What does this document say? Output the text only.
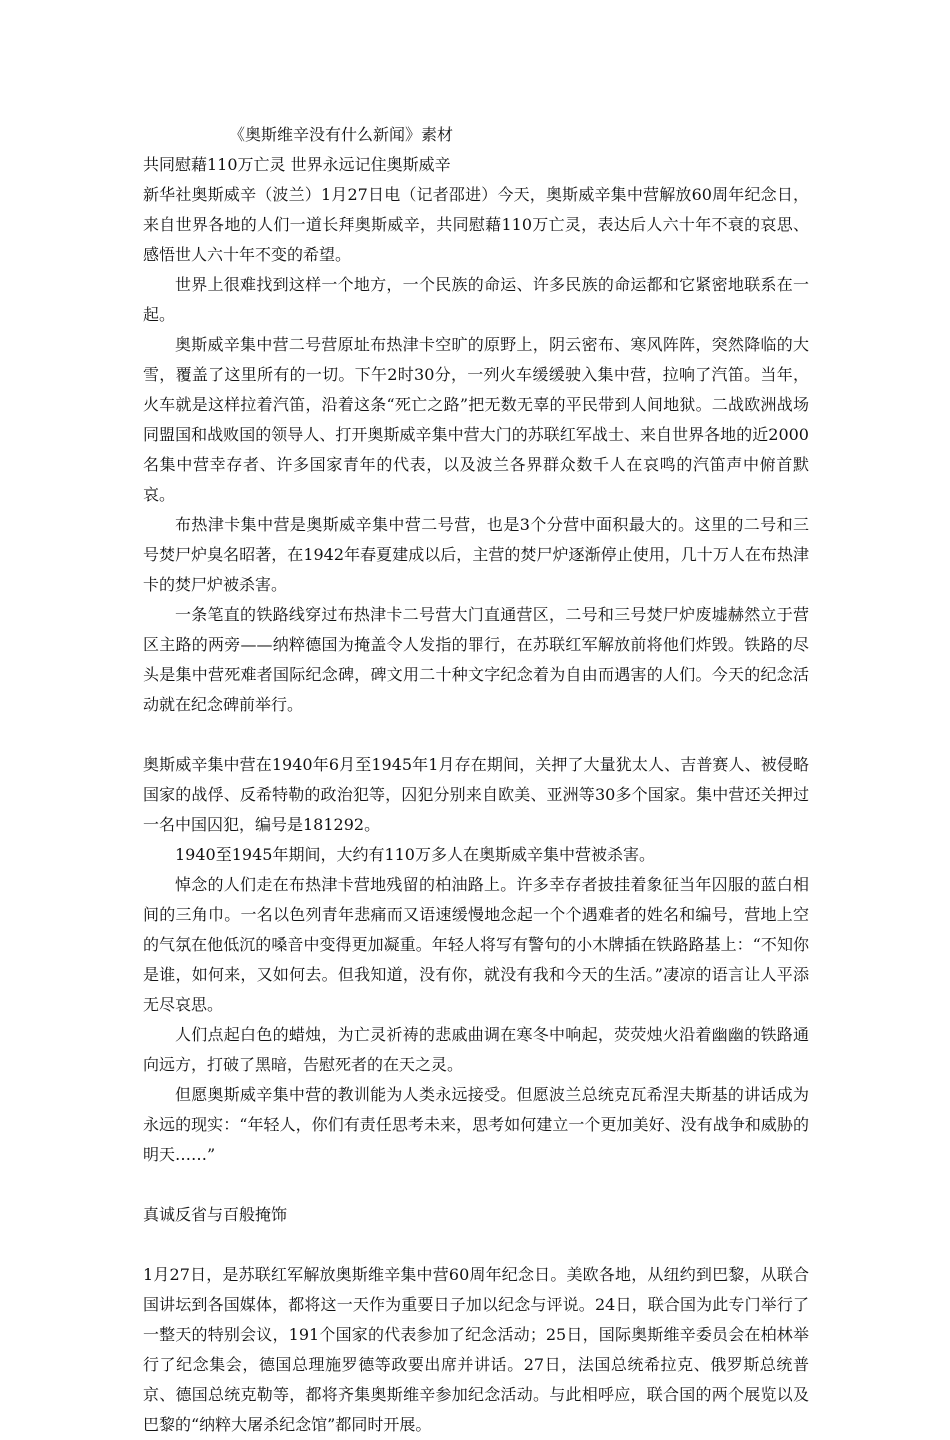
《奥斯维辛没有什么新闻》素材
共同慰藉110万亡灵 世界永远记住奥斯威辛

新华社奥斯威辛（波兰）1月27日电（记者邵进）今天，奥斯威辛集中营解放60周年纪念日，来自世界各地的人们一道长拜奥斯威辛，共同慰藉110万亡灵，表达后人六十年不衰的哀思、感悟世人六十年不变的希望。

世界上很难找到这样一个地方，一个民族的命运、许多民族的命运都和它紧密地联系在一起。

奥斯威辛集中营二号营原址布热津卡空旷的原野上，阴云密布、寒风阵阵，突然降临的大雪，覆盖了这里所有的一切。下午2时30分，一列火车缓缓驶入集中营，拉响了汽笛。当年，火车就是这样拉着汽笛，沿着这条“死亡之路”把无数无辜的平民带到人间地狱。二战欧洲战场同盟国和战败国的领导人、打开奥斯威辛集中营大门的苏联红军战士、来自世界各地的近2000名集中营幸存者、许多国家青年的代表，以及波兰各界群众数千人在哀鸣的汽笛声中俯首默哀。

布热津卡集中营是奥斯威辛集中营二号营，也是3个分营中面积最大的。这里的二号和三号焚尸炉臭名昭著，在1942年春夏建成以后，主营的焚尸炉逐渐停止使用，几十万人在布热津卡的焚尸炉被杀害。

一条笔直的铁路线穿过布热津卡二号营大门直通营区，二号和三号焚尸炉废墟赫然立于营区主路的两旁——纳粹德国为掩盖令人发指的罪行，在苏联红军解放前将他们炸毁。铁路的尽头是集中营死难者国际纪念碑，碑文用二十种文字纪念着为自由而遇害的人们。今天的纪念活动就在纪念碑前举行。

奥斯威辛集中营在1940年6月至1945年1月存在期间，关押了大量犹太人、吉普赛人、被侵略国家的战俘、反希特勒的政治犯等，囚犯分别来自欧美、亚洲等30多个国家。集中营还关押过一名中国囚犯，编号是181292。

1940至1945年期间，大约有110万多人在奥斯威辛集中营被杀害。

悼念的人们走在布热津卡营地残留的柏油路上。许多幸存者披挂着象征当年囚服的蓝白相间的三角巾。一名以色列青年悲痛而又语速缓慢地念起一个个遇难者的姓名和编号，营地上空的气氛在他低沉的嗓音中变得更加凝重。年轻人将写有警句的小木牌插在铁路路基上：“不知你是谁，如何来，又如何去。但我知道，没有你，就没有我和今天的生活。”凄凉的语言让人平添无尽哀思。

人们点起白色的蜡烛，为亡灵祈祷的悲戚曲调在寒冬中响起，荧荧烛火沿着幽幽的铁路通向远方，打破了黑暗，告慰死者的在天之灵。

但愿奥斯威辛集中营的教训能为人类永远接受。但愿波兰总统克瓦希涅夫斯基的讲话成为永远的现实：“年轻人，你们有责任思考未来，思考如何建立一个更加美好、没有战争和威胁的明天……”

真诚反省与百般掩饰

1月27日，是苏联红军解放奥斯维辛集中营60周年纪念日。美欧各地，从纽约到巴黎，从联合国讲坛到各国媒体，都将这一天作为重要日子加以纪念与评说。24日，联合国为此专门举行了一整天的特别会议，191个国家的代表参加了纪念活动；25日，国际奥斯维辛委员会在柏林举行了纪念集会，德国总理施罗德等政要出席并讲话。27日，法国总统希拉克、俄罗斯总统普京、德国总统克勒等，都将齐集奥斯维辛参加纪念活动。与此相呼应，联合国的两个展览以及巴黎的“纳粹大屠杀纪念馆”都同时开展。
